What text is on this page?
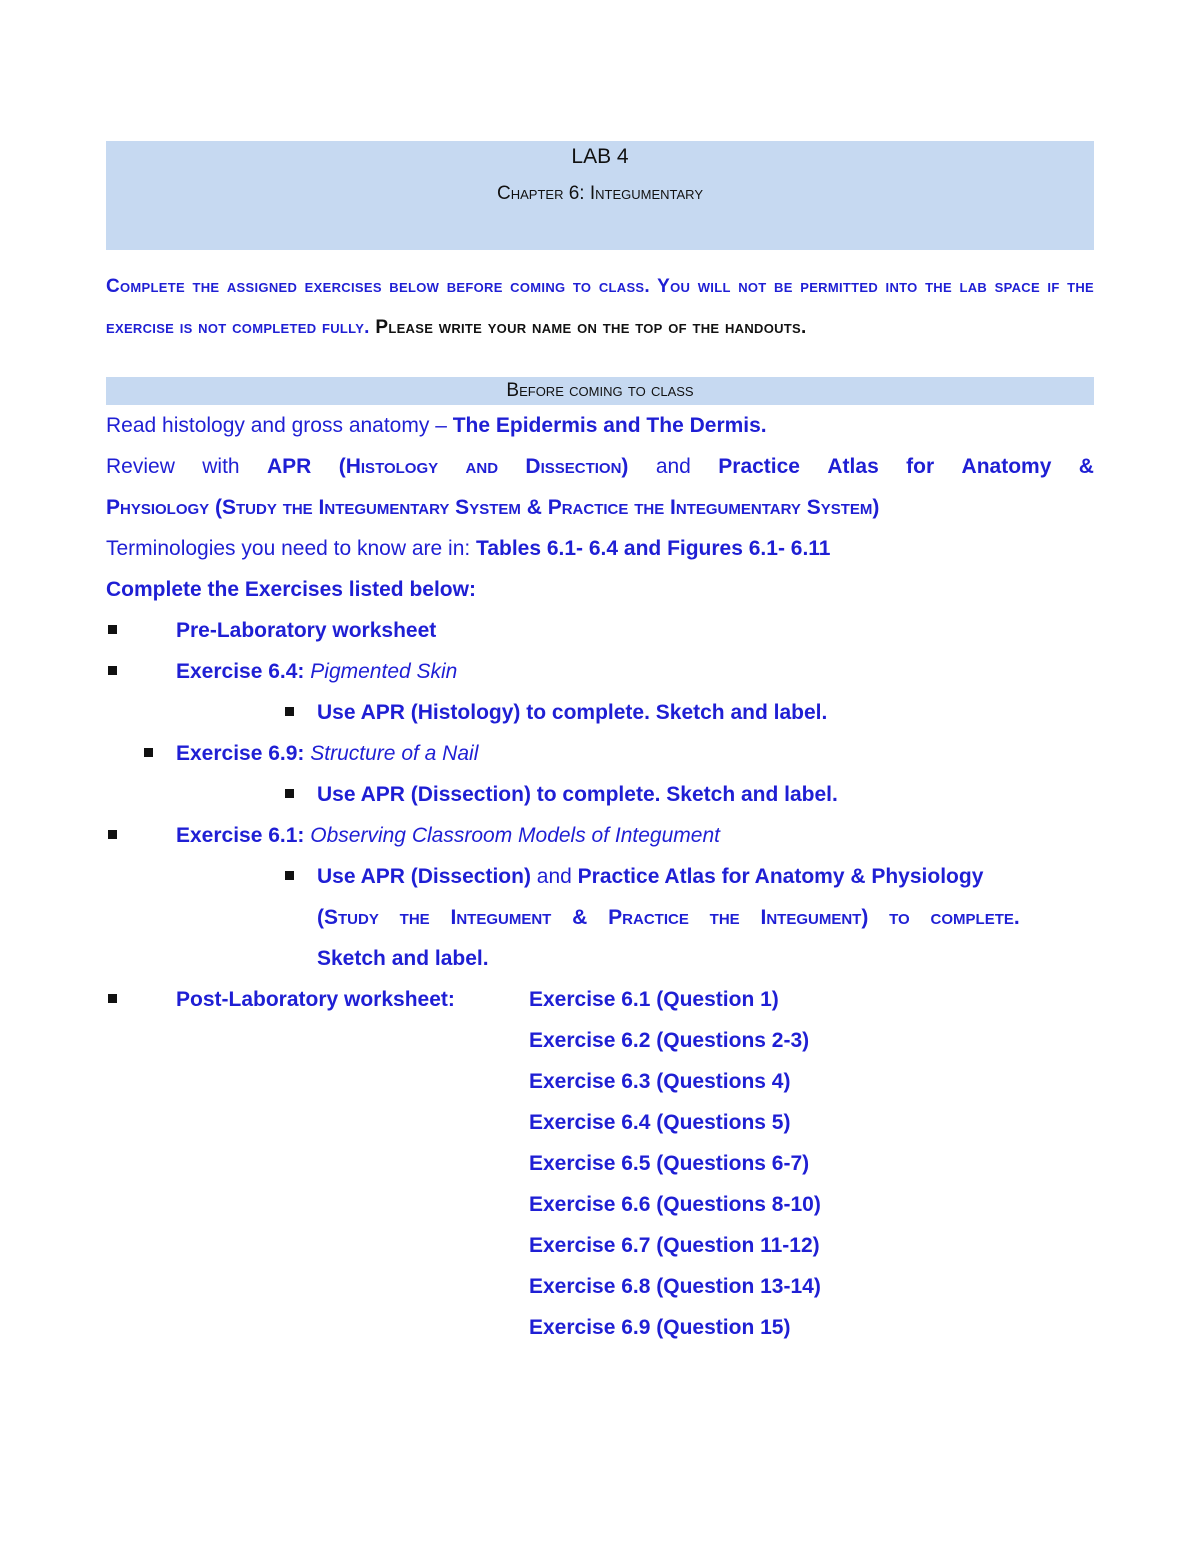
LAB 4
Chapter 6: Integumentary
Complete the assigned exercises below before coming to class. You will not be permitted into the lab space if the exercise is not completed fully. Please write your name on the top of the handouts.
Before coming to class
Read histology and gross anatomy – The Epidermis and The Dermis.
Review with APR (Histology and Dissection) and Practice Atlas for Anatomy &
Physiology (Study the Integumentary System & Practice the Integumentary System)
Terminologies you need to know are in: Tables 6.1- 6.4 and Figures 6.1- 6.11
Complete the Exercises listed below:
Pre-Laboratory worksheet
Exercise 6.4: Pigmented Skin
Use APR (Histology) to complete. Sketch and label.
Exercise 6.9: Structure of a Nail
Use APR (Dissection) to complete. Sketch and label.
Exercise 6.1: Observing Classroom Models of Integument
Use APR (Dissection) and Practice Atlas for Anatomy & Physiology
(Study the Integument & Practice the Integument) to complete.
Sketch and label.
Post-Laboratory worksheet:	Exercise 6.1 (Question 1)
Exercise 6.2 (Questions 2-3)
Exercise 6.3 (Questions 4)
Exercise 6.4 (Questions 5)
Exercise 6.5 (Questions 6-7)
Exercise 6.6 (Questions 8-10)
Exercise 6.7 (Question 11-12)
Exercise 6.8 (Question 13-14)
Exercise 6.9 (Question 15)
